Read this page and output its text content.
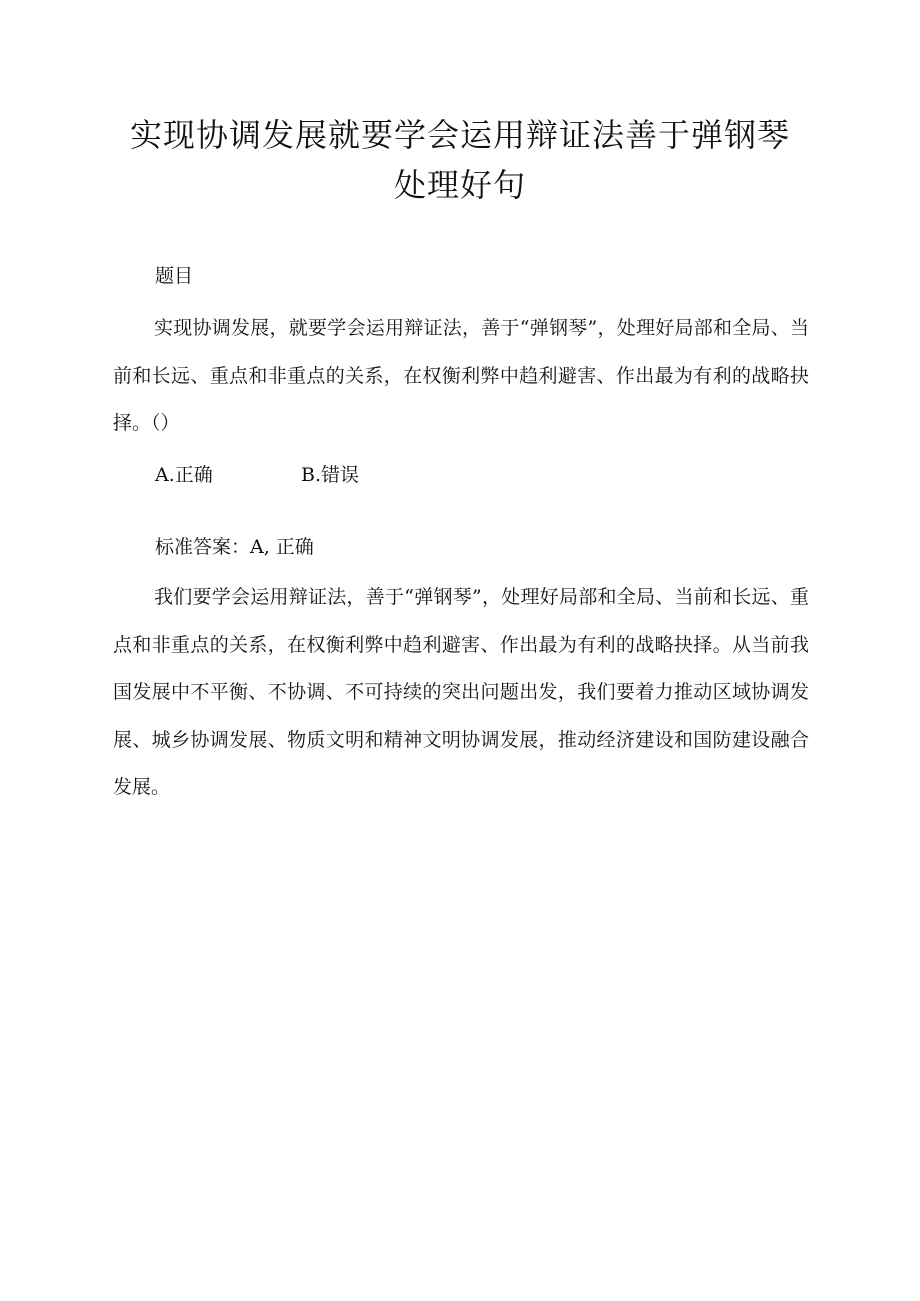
实现协调发展就要学会运用辩证法善于弹钢琴
处理好句

题目

实现协调发展，就要学会运用辩证法，善于“弹钢琴”，处理好局部和全局、当前和长远、重点和非重点的关系，在权衡利弊中趋利避害、作出最为有利的战略抉择。（）

A.正确	B.错误

标准答案：A, 正确

我们要学会运用辩证法，善于“弹钢琴”，处理好局部和全局、当前和长远、重点和非重点的关系，在权衡利弊中趋利避害、作出最为有利的战略抉择。从当前我国发展中不平衡、不协调、不可持续的突出问题出发，我们要着力推动区域协调发展、城乡协调发展、物质文明和精神文明协调发展，推动经济建设和国防建设融合发展。
